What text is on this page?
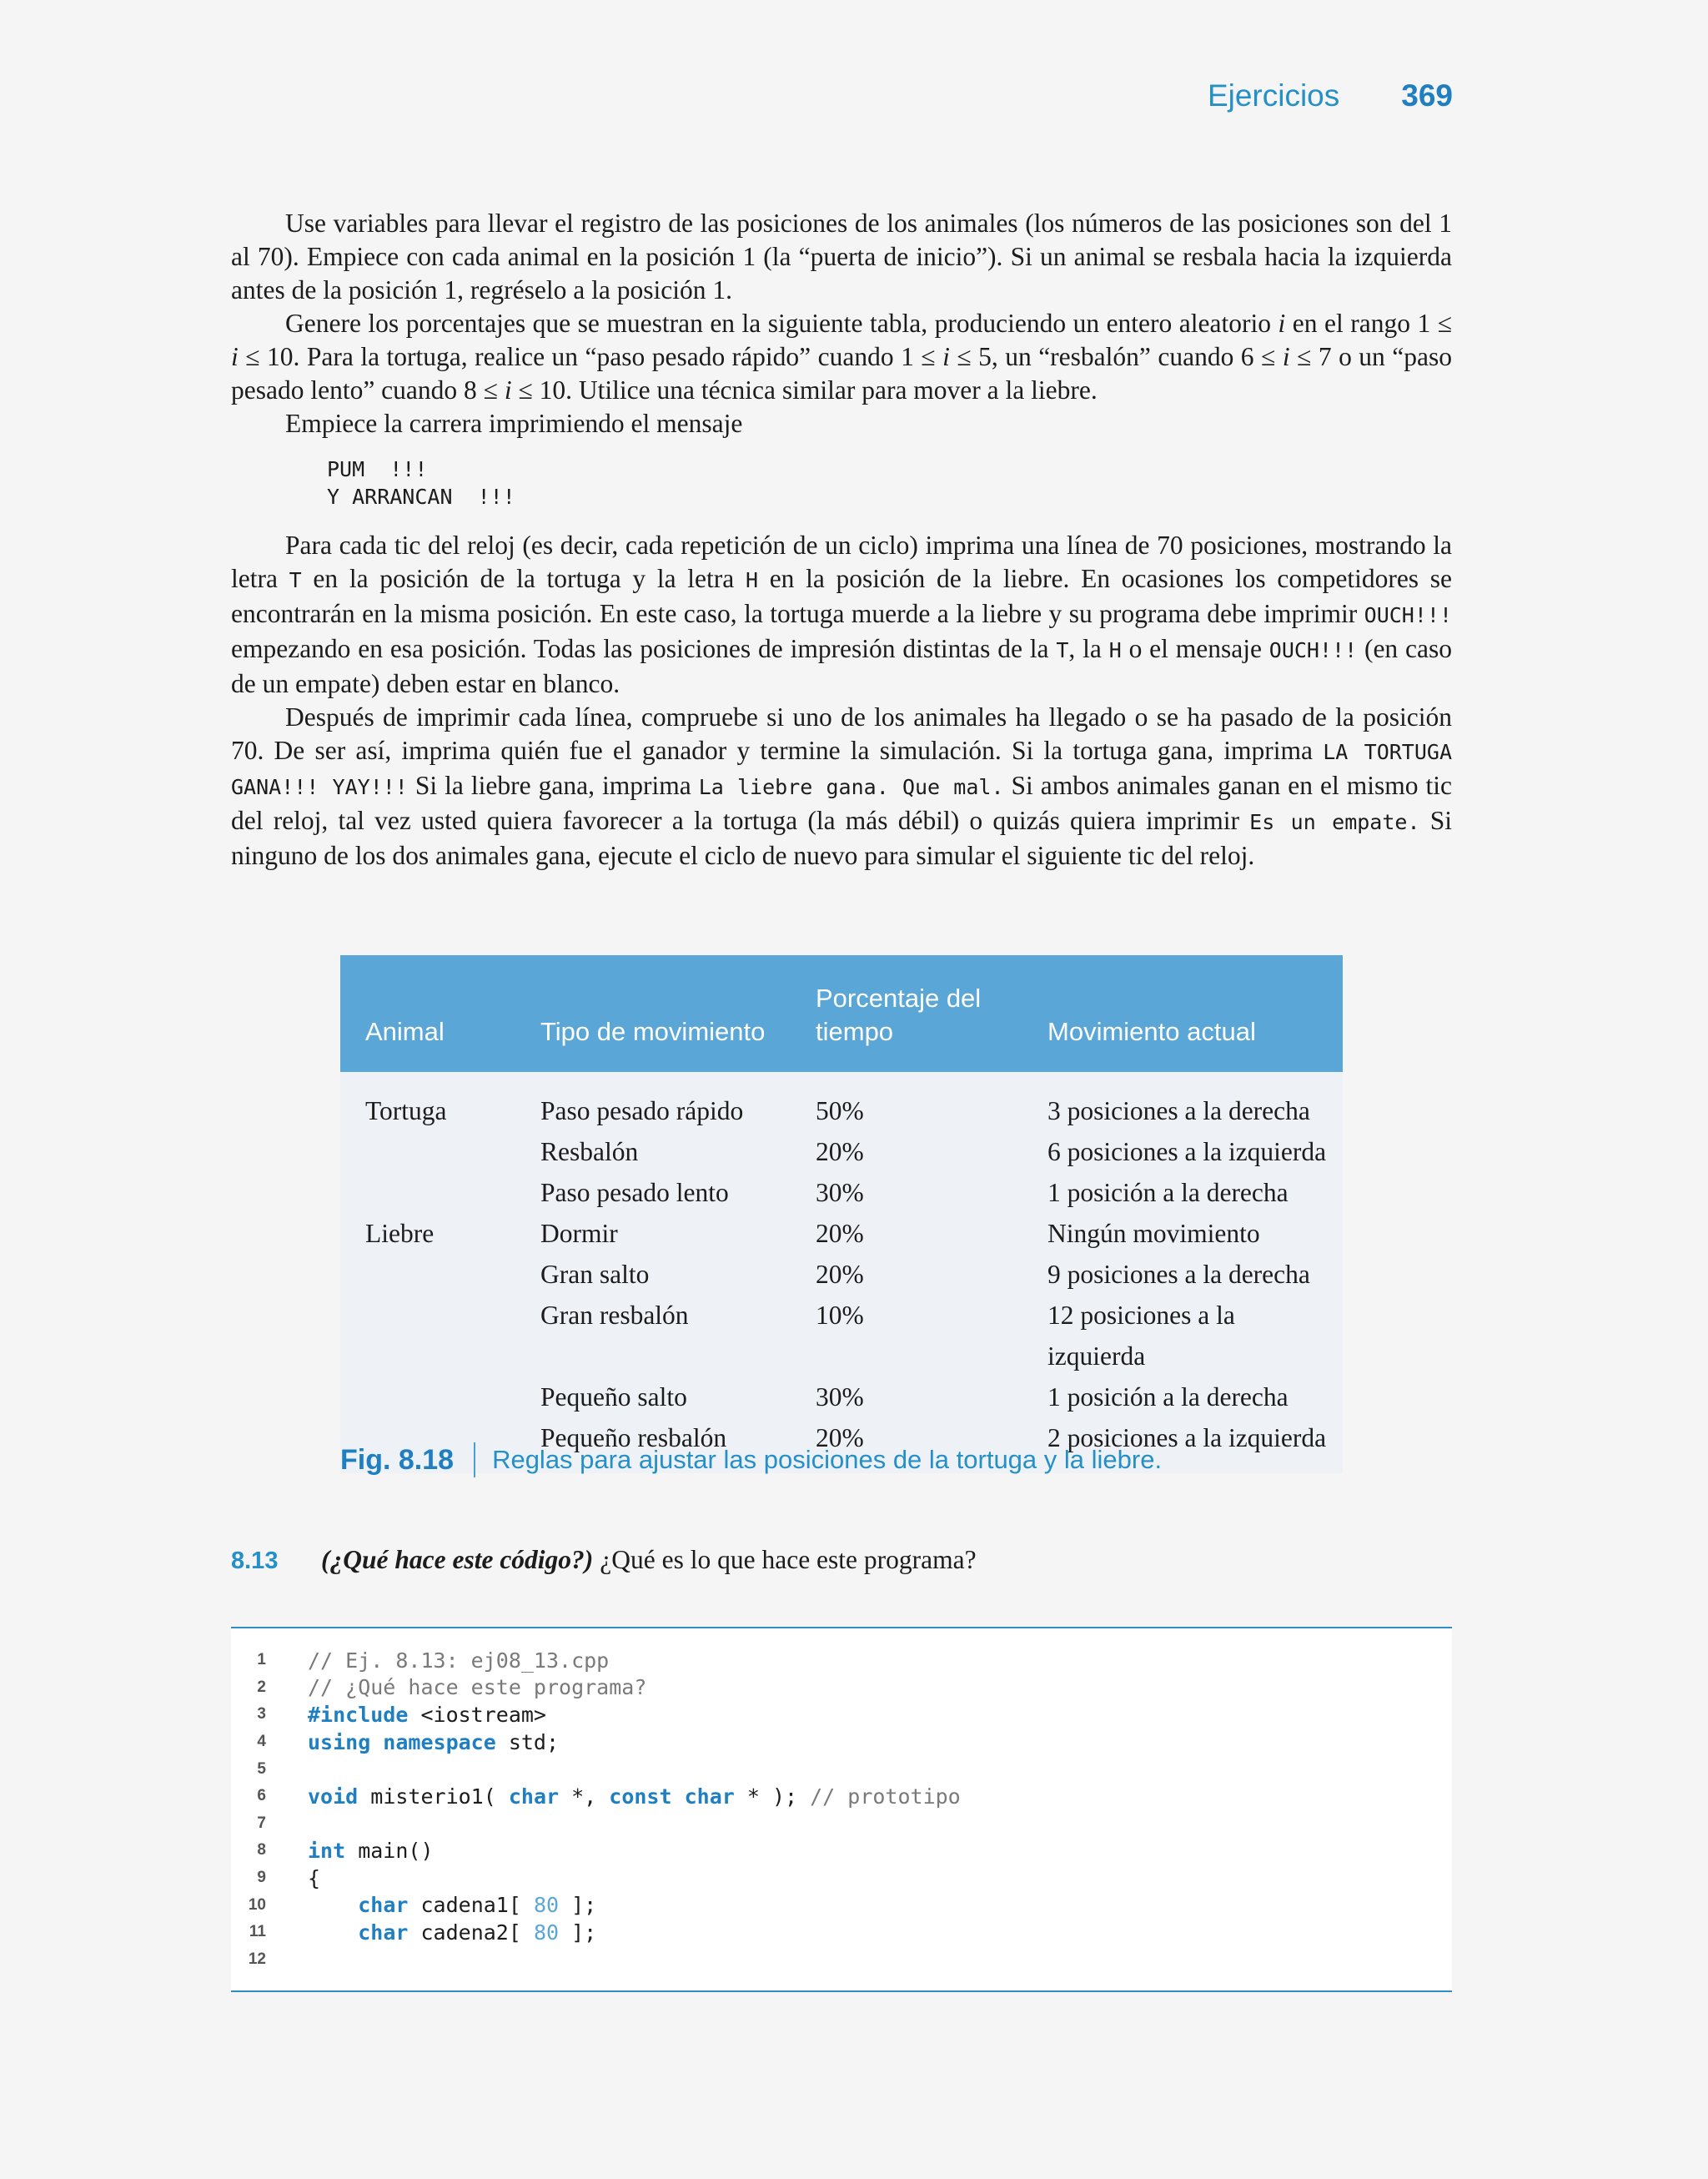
Ejercicios 369

Use variables para llevar el registro de las posiciones de los animales (los números de las posiciones son del 1 al 70). Empiece con cada animal en la posición 1 (la “puerta de inicio”). Si un animal se resbala hacia la izquierda antes de la posición 1, regréselo a la posición 1.

Genere los porcentajes que se muestran en la siguiente tabla, produciendo un entero aleatorio i en el rango 1 ≤ i ≤ 10. Para la tortuga, realice un “paso pesado rápido” cuando 1 ≤ i ≤ 5, un “resbalón” cuando 6 ≤ i ≤ 7 o un “paso pesado lento” cuando 8 ≤ i ≤ 10. Utilice una técnica similar para mover a la liebre.

Empiece la carrera imprimiendo el mensaje

PUM  !!!
Y ARRANCAN  !!!

Para cada tic del reloj (es decir, cada repetición de un ciclo) imprima una línea de 70 posiciones, mostrando la letra T en la posición de la tortuga y la letra H en la posición de la liebre. En ocasiones los competidores se encontrarán en la misma posición. En este caso, la tortuga muerde a la liebre y su programa debe imprimir OUCH!!! empezando en esa posición. Todas las posiciones de impresión distintas de la T, la H o el mensaje OUCH!!! (en caso de un empate) deben estar en blanco.

Después de imprimir cada línea, compruebe si uno de los animales ha llegado o se ha pasado de la posición 70. De ser así, imprima quién fue el ganador y termine la simulación. Si la tortuga gana, imprima LA TORTUGA GANA!!! YAY!!! Si la liebre gana, imprima La liebre gana. Que mal. Si ambos animales ganan en el mismo tic del reloj, tal vez usted quiera favorecer a la tortuga (la más débil) o quizás quiera imprimir Es un empate. Si ninguno de los dos animales gana, ejecute el ciclo de nuevo para simular el siguiente tic del reloj.

Animal	Tipo de movimiento	Porcentaje del tiempo	Movimiento actual
Tortuga	Paso pesado rápido	50%	3 posiciones a la derecha
	Resbalón	20%	6 posiciones a la izquierda
	Paso pesado lento	30%	1 posición a la derecha
Liebre	Dormir	20%	Ningún movimiento
	Gran salto	20%	9 posiciones a la derecha
	Gran resbalón	10%	12 posiciones a la izquierda
	Pequeño salto	30%	1 posición a la derecha
	Pequeño resbalón	20%	2 posiciones a la izquierda
Fig. 8.18 Reglas para ajustar las posiciones de la tortuga y la liebre.
8.13	(¿Qué hace este código?) ¿Qué es lo que hace este programa?
1 // Ej. 8.13: ej08_13.cpp
2 // ¿Qué hace este programa?
3 #include <iostream>
4 using namespace std;
5
6 void misterio1( char *, const char * ); // prototipo
7
8 int main()
9 {
10
	char cadena1[ 80 ];
11
	char cadena2[ 80 ];
12
